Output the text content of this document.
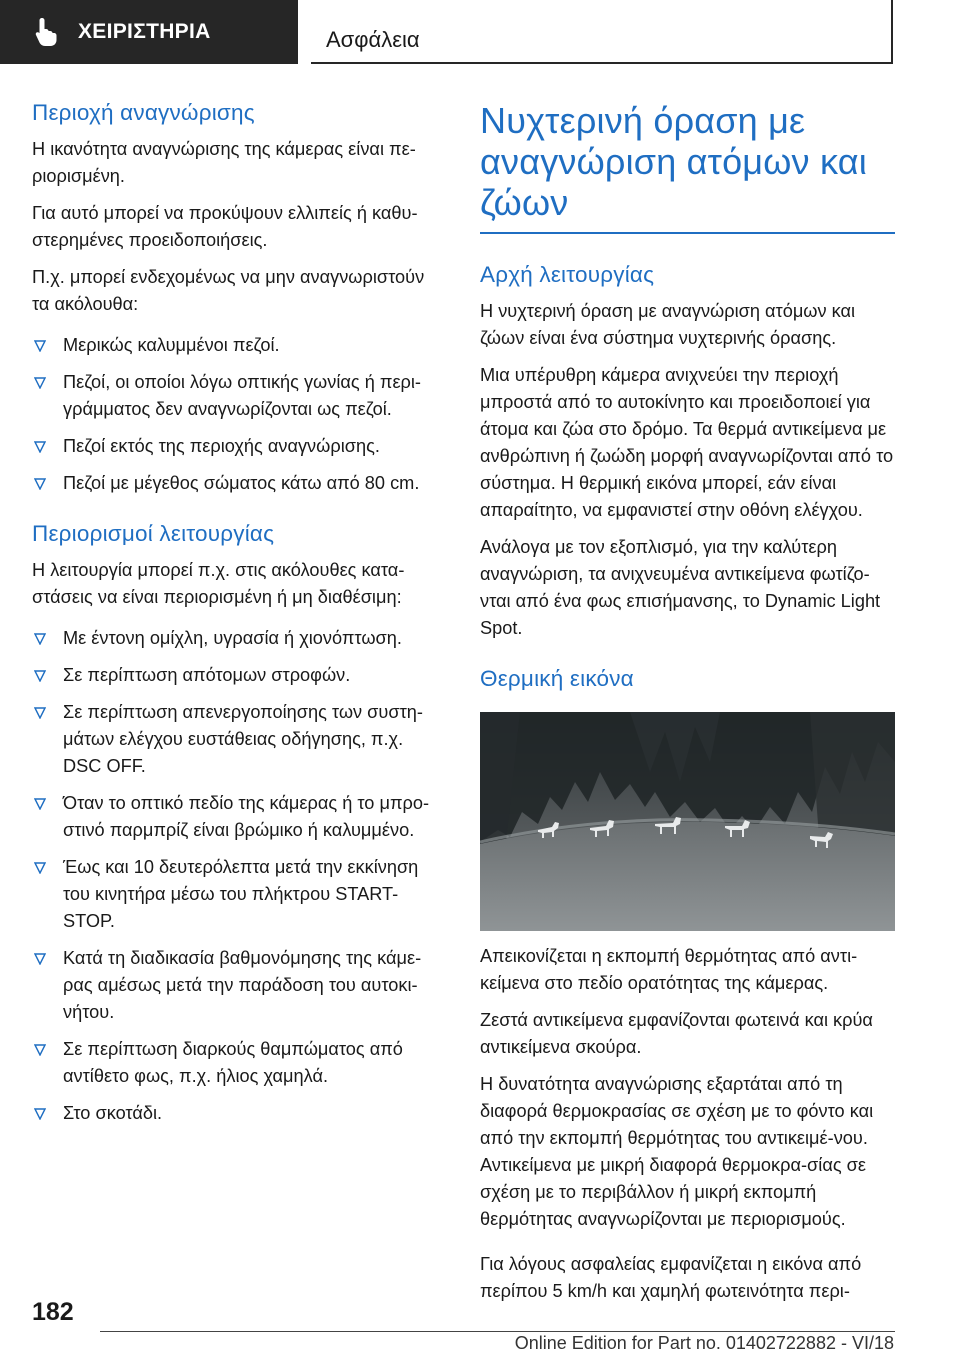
ΧΕΙΡΙΣΤΗΡΙΑ	Ασφάλεια
Περιοχή αναγνώρισης

Η ικανότητα αναγνώρισης της κάμερας είναι πε‐ριορισμένη.

Για αυτό μπορεί να προκύψουν ελλιπείς ή καθυ‐στερημένες προειδοποιήσεις.

Π.χ. μπορεί ενδεχομένως να μην αναγνωριστούν τα ακόλουθα:

Μερικώς καλυμμένοι πεζοί.
Πεζοί, οι οποίοι λόγω οπτικής γωνίας ή περι‐γράμματος δεν αναγνωρίζονται ως πεζοί.
Πεζοί εκτός της περιοχής αναγνώρισης.
Πεζοί με μέγεθος σώματος κάτω από 80 cm.
Περιορισμοί λειτουργίας

Η λειτουργία μπορεί π.χ. στις ακόλουθες κατα‐στάσεις να είναι περιορισμένη ή μη διαθέσιμη:

Με έντονη ομίχλη, υγρασία ή χιονόπτωση.
Σε περίπτωση απότομων στροφών.
Σε περίπτωση απενεργοποίησης των συστη‐μάτων ελέγχου ευστάθειας οδήγησης, π.χ. DSC OFF.
Όταν το οπτικό πεδίο της κάμερας ή το μπρο‐στινό παρμπρίζ είναι βρώμικο ή καλυμμένο.
Έως και 10 δευτερόλεπτα μετά την εκκίνηση του κινητήρα μέσω του πλήκτρου START-STOP.
Κατά τη διαδικασία βαθμονόμησης της κάμε‐ρας αμέσως μετά την παράδοση του αυτοκι‐νήτου.
Σε περίπτωση διαρκούς θαμπώματος από αντίθετο φως, π.χ. ήλιος χαμηλά.
Στο σκοτάδι.
Νυχτερινή όραση με αναγνώριση ατόμων και ζώων
Αρχή λειτουργίας

Η νυχτερινή όραση με αναγνώριση ατόμων και ζώων είναι ένα σύστημα νυχτερινής όρασης.

Μια υπέρυθρη κάμερα ανιχνεύει την περιοχή μπροστά από το αυτοκίνητο και προειδοποιεί για άτομα και ζώα στο δρόμο. Τα θερμά αντικείμενα με ανθρώπινη ή ζωώδη μορφή αναγνωρίζονται από το σύστημα. Η θερμική εικόνα μπορεί, εάν είναι απαραίτητο, να εμφανιστεί στην οθόνη ελέγχου.

Ανάλογα με τον εξοπλισμό, για την καλύτερη αναγνώριση, τα ανιχνευμένα αντικείμενα φωτίζο‐νται από ένα φως επισήμανσης, το Dynamic Light Spot.

Θερμική εικόνα

Απεικονίζεται η εκπομπή θερμότητας από αντι‐κείμενα στο πεδίο ορατότητας της κάμερας.

Ζεστά αντικείμενα εμφανίζονται φωτεινά και κρύα αντικείμενα σκούρα.

Η δυνατότητα αναγνώρισης εξαρτάται από τη διαφορά θερμοκρασίας σε σχέση με το φόντο και από την εκπομπή θερμότητας του αντικειμέ‐νου. Αντικείμενα με μικρή διαφορά θερμοκρα‐σίας σε σχέση με το περιβάλλον ή μικρή εκπομπή θερμότητας αναγνωρίζονται με περιορισμούς.

Για λόγους ασφαλείας εμφανίζεται η εικόνα από περίπου 5 km/h και χαμηλή φωτεινότητα περι‐

182
Online Edition for Part no. 01402722882 - VI/18
